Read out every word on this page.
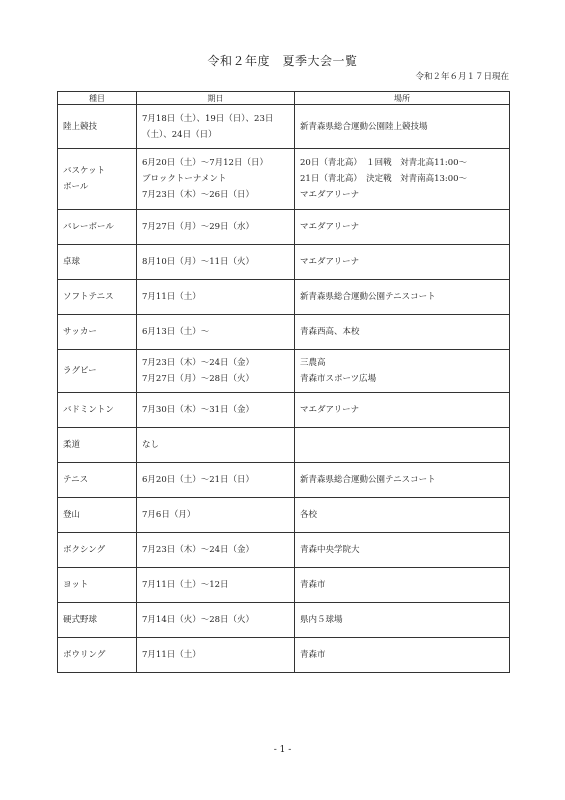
令和２年度　夏季大会一覧
令和２年６月１７日現在
種目	期日	場所

陸上競技	7月18日（土）、19日（日）、23日
（土）、24日（日）	新青森県総合運動公園陸上競技場

バスケット
ボール	6月20日（土）～7月12日（日）
ブロックトーナメント
7月23日（木）～26日（日）	20日（青北高）　１回戦　対青北高11:00～
21日（青北高）　決定戦　対青南高13:00～
マエダアリーナ

バレーボール	7月27日（月）～29日（水）	マエダアリーナ

卓球	8月10日（月）～11日（火）	マエダアリーナ

ソフトテニス	7月11日（土）	新青森県総合運動公園テニスコート

サッカー	6月13日（土）～	青森西高、本校

ラグビー	7月23日（木）～24日（金）
7月27日（月）～28日（火）	三農高
青森市スポーツ広場

バドミントン	7月30日（木）～31日（金）	マエダアリーナ

柔道	なし	

テニス	6月20日（土）～21日（日）	新青森県総合運動公園テニスコート

登山	7月6日（月）	各校

ボクシング	7月23日（木）～24日（金）	青森中央学院大

ヨット	7月11日（土）～12日	青森市

硬式野球	7月14日（火）～28日（火）	県内５球場

ボウリング	7月11日（土）	青森市
- 1 -
